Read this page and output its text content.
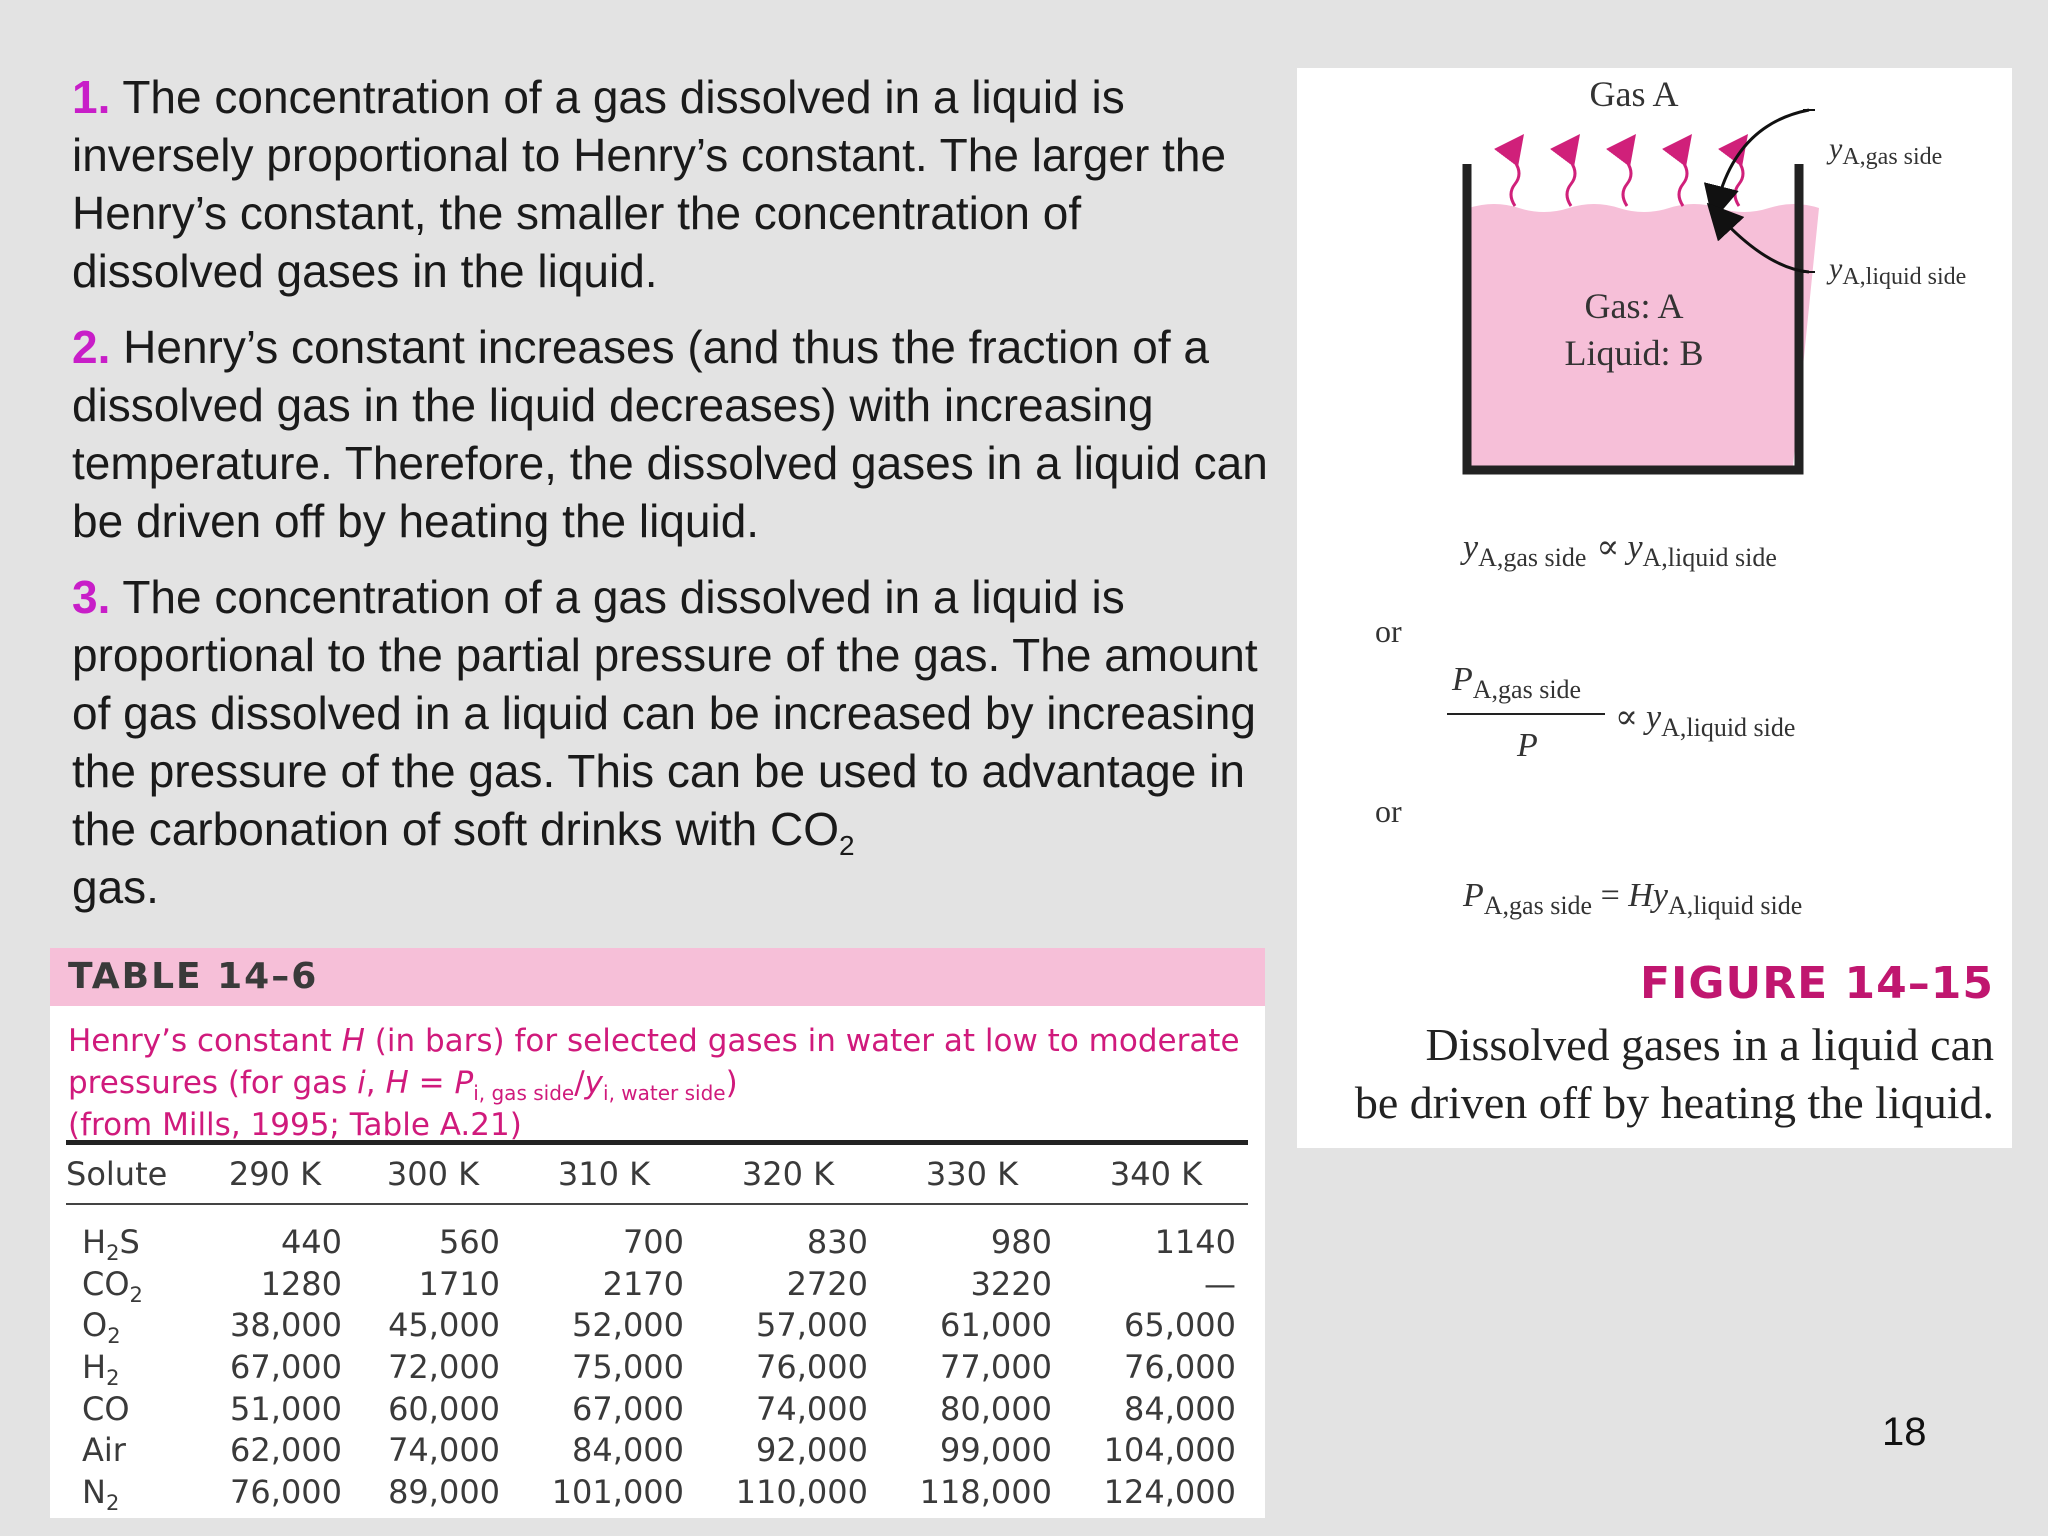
1. The concentration of a gas dissolved in a liquid is inversely proportional to Henry’s constant. The larger the Henry’s constant, the smaller the concentration of dissolved gases in the liquid.

2. Henry’s constant increases (and thus the fraction of a dissolved gas in the liquid decreases) with increasing temperature. Therefore, the dissolved gases in a liquid can be driven off by heating the liquid.

3. The concentration of a gas dissolved in a liquid is proportional to the partial pressure of the gas. The amount of gas dissolved in a liquid can be increased by increasing the pressure of the gas. This can be used to advantage in the carbonation of soft drinks with $CO_2$
gas.

TABLE 14–6
Henry’s constant H (in bars) for selected gases in water at low to moderate
pressures (for gas i, $H = P_{i, gas side}/y_{i, water side}$)
(from Mills, 1995; Table A.21)
Solute	290 K	300 K	310 K	320 K	330 K	340 K
$H_2S$	440	560	700	830	980	1140
$CO_2$	1280	1710	2170	2720	3220	—
$O_2$	38,000	45,000	52,000	57,000	61,000	65,000
$H_2$	67,000	72,000	75,000	76,000	77,000	76,000
CO	51,000	60,000	67,000	74,000	80,000	84,000
Air	62,000	74,000	84,000	92,000	99,000	104,000
$N_2$	76,000	89,000	101,000	110,000	118,000	124,000
Gas A
$y_{A,gas side}$
$y_{A,liquid side}$
Gas: A
Liquid: B
$y_{A,gas side} \propto y_{A,liquid side}$
or
$P_{A,gas side}$
P
∝ $y_{A,liquid side}$
or
$P_{A,gas side} = Hy_{A,liquid side}$
FIGURE 14–15
Dissolved gases in a liquid can
be driven off by heating the liquid.
18
